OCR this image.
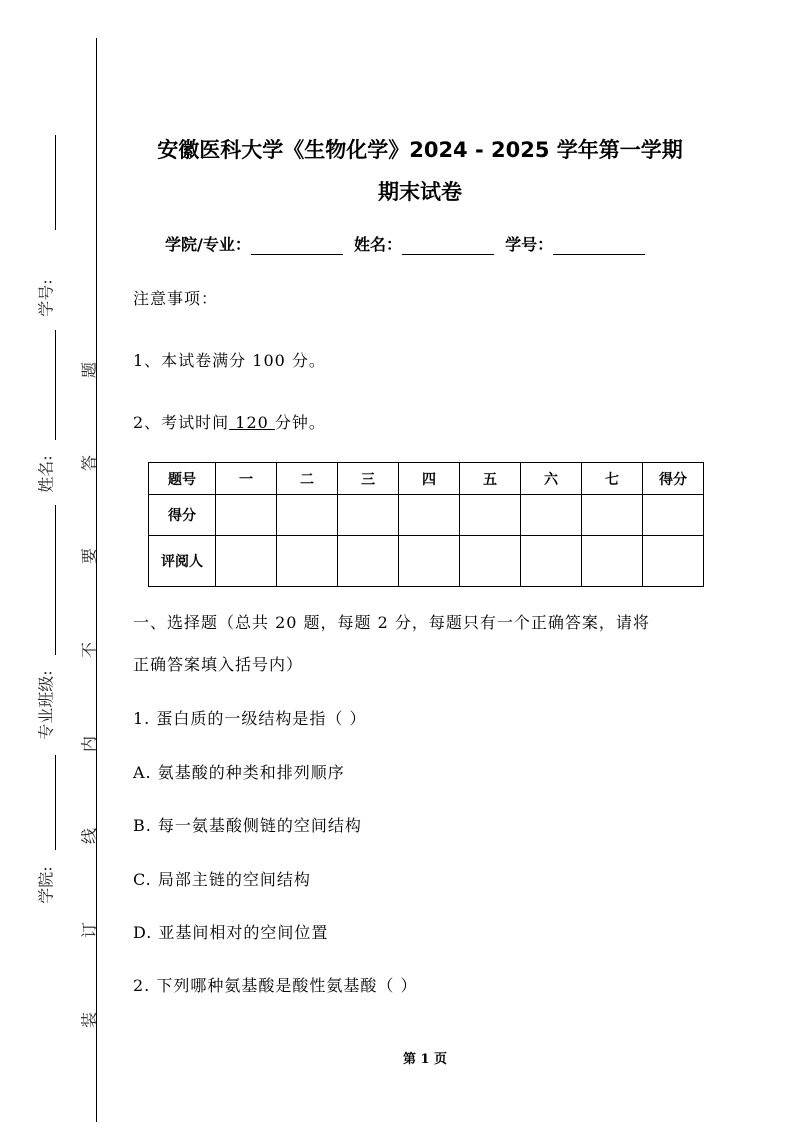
学号:
姓名:
专业班级:
学院:
题
答
要
不
内
线
订
装
安徽医科大学《生物化学》2024 - 2025 学年第一学期
期末试卷
学院/专业：	姓名：	学号：
注意事项：
1、本试卷满分 100 分。
2、考试时间 120 分钟。
题号	一	二	三	四	五	六	七	得分
得分								
评阅人								
一、选择题（总共 20 题，每题 2 分，每题只有一个正确答案，请将
正确答案填入括号内）
1. 蛋白质的一级结构是指（ ）
A. 氨基酸的种类和排列顺序
B. 每一氨基酸侧链的空间结构
C. 局部主链的空间结构
D. 亚基间相对的空间位置
2. 下列哪种氨基酸是酸性氨基酸（ ）
第 1 页
